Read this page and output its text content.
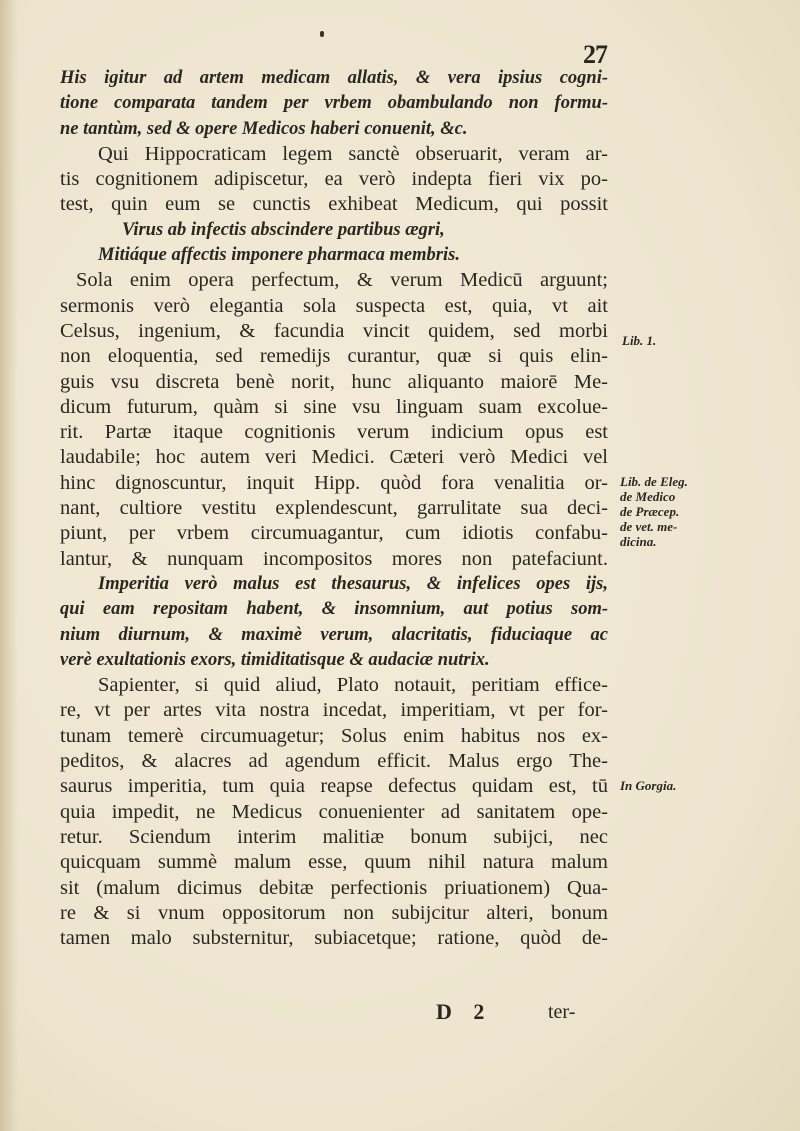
27
His igitur ad artem medicam allatis, & vera ipsius cogni-
tione comparata tandem per vrbem obambulando non formu-
ne tantùm, sed & opere Medicos haberi conuenit, &c.
Qui Hippocraticam legem sanctè obseruarit, veram ar-
tis cognitionem adipiscetur, ea verò indepta fieri vix po-
test, quin eum se cunctis exhibeat Medicum, qui possit
Virus ab infectis abscindere partibus ægri,
Mitiáque affectis imponere pharmaca membris.
Sola enim opera perfectum, & verum Medicū arguunt;
sermonis verò elegantia sola suspecta est, quia, vt ait
Celsus, ingenium, & facundia vincit quidem, sed morbi
non eloquentia, sed remedijs curantur, quæ si quis elin-
guis vsu discreta benè norit, hunc aliquanto maiorē Me-
dicum futurum, quàm si sine vsu linguam suam excolue-
rit. Partæ itaque cognitionis verum indicium opus est
laudabile; hoc autem veri Medici. Cæteri verò Medici vel
hinc dignoscuntur, inquit Hipp. quòd fora venalitia or-
nant, cultiore vestitu explendescunt, garrulitate sua deci-
piunt, per vrbem circumuagantur, cum idiotis confabu-
lantur, & nunquam incompositos mores non patefaciunt.
Imperitia verò malus est thesaurus, & infelices opes ijs,
qui eam repositam habent, & insomnium, aut potius som-
nium diurnum, & maximè verum, alacritatis, fiduciaque ac
verè exultationis exors, timiditatisque & audaciæ nutrix.
Sapienter, si quid aliud, Plato notauit, peritiam effice-
re, vt per artes vita nostra incedat, imperitiam, vt per for-
tunam temerè circumuagetur; Solus enim habitus nos ex-
peditos, & alacres ad agendum efficit. Malus ergo The-
saurus imperitia, tum quia reapse defectus quidam est, tū
quia impedit, ne Medicus conuenienter ad sanitatem ope-
retur. Sciendum interim malitiæ bonum subijci, nec
quicquam summè malum esse, quum nihil natura malum
sit (malum dicimus debitæ perfectionis priuationem) Qua-
re & si vnum oppositorum non subijcitur alteri, bonum
tamen malo substernitur, subiacetque; ratione, quòd de-
Lib. 1.
Lib. de Eleg.
de Medico
de Præcep.
de vet. me-
dicina.
In Gorgia.
D 2	ter-
